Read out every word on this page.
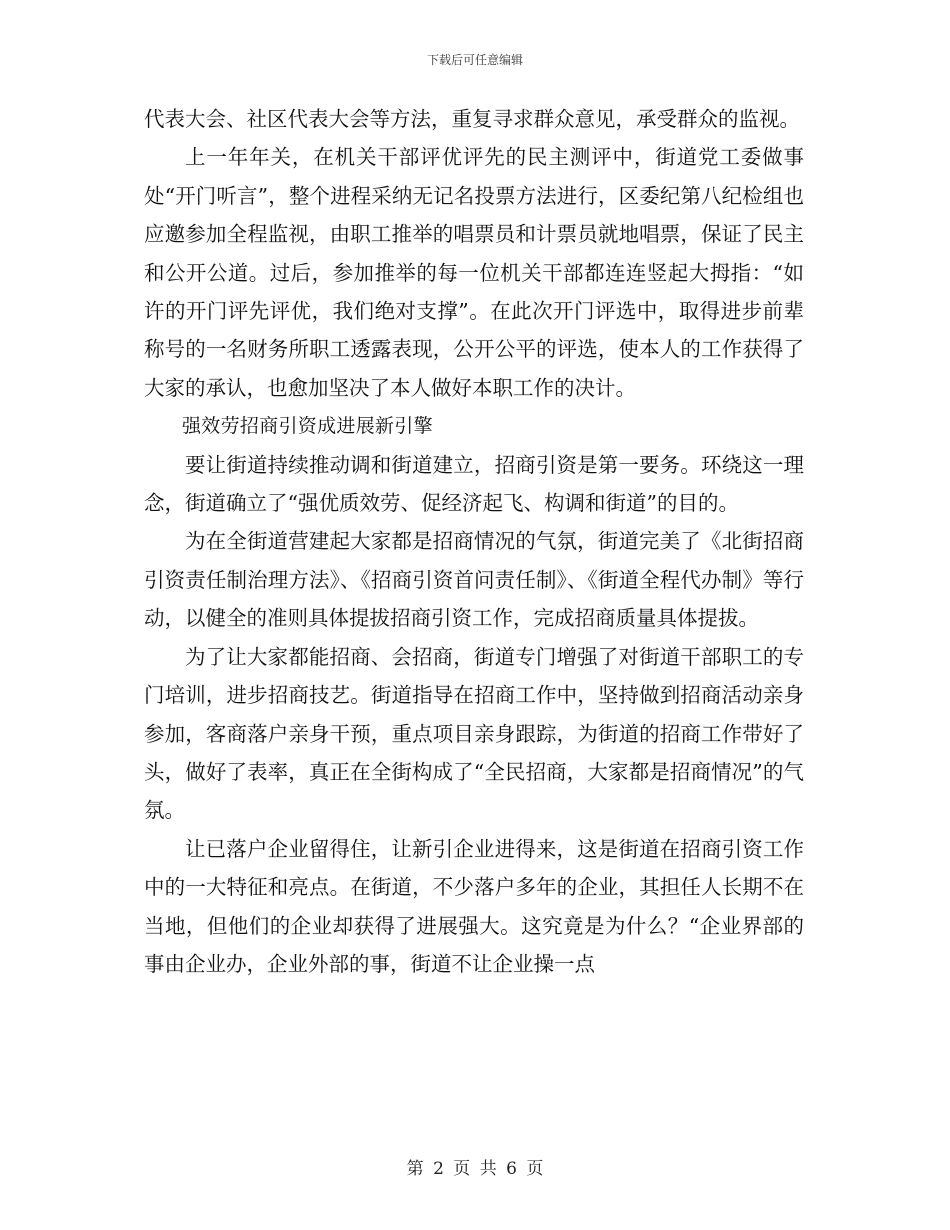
下载后可任意编辑

代表大会、社区代表大会等方法，重复寻求群众意见，承受群众的监视。

上一年年关，在机关干部评优评先的民主测评中，街道党工委做事处“开门听言”，整个进程采纳无记名投票方法进行，区委纪第八纪检组也应邀参加全程监视，由职工推举的唱票员和计票员就地唱票，保证了民主和公开公道。过后，参加推举的每一位机关干部都连连竖起大拇指：“如许的开门评先评优，我们绝对支撑”。在此次开门评选中，取得进步前辈称号的一名财务所职工透露表现，公开公平的评选，使本人的工作获得了大家的承认，也愈加坚决了本人做好本职工作的决计。

强效劳招商引资成进展新引擎

要让街道持续推动调和街道建立，招商引资是第一要务。环绕这一理念，街道确立了“强优质效劳、促经济起飞、构调和街道”的目的。

为在全街道营建起大家都是招商情况的气氛，街道完美了《北街招商引资责任制治理方法》、《招商引资首问责任制》、《街道全程代办制》等行动，以健全的准则具体提拔招商引资工作，完成招商质量具体提拔。

为了让大家都能招商、会招商，街道专门增强了对街道干部职工的专门培训，进步招商技艺。街道指导在招商工作中，坚持做到招商活动亲身参加，客商落户亲身干预，重点项目亲身跟踪，为街道的招商工作带好了头，做好了表率，真正在全街构成了“全民招商，大家都是招商情况”的气氛。

让已落户企业留得住，让新引企业进得来，这是街道在招商引资工作中的一大特征和亮点。在街道，不少落户多年的企业，其担任人长期不在当地，但他们的企业却获得了进展强大。这究竟是为什么？“企业界部的事由企业办，企业外部的事，街道不让企业操一点

第 2 页 共 6 页
